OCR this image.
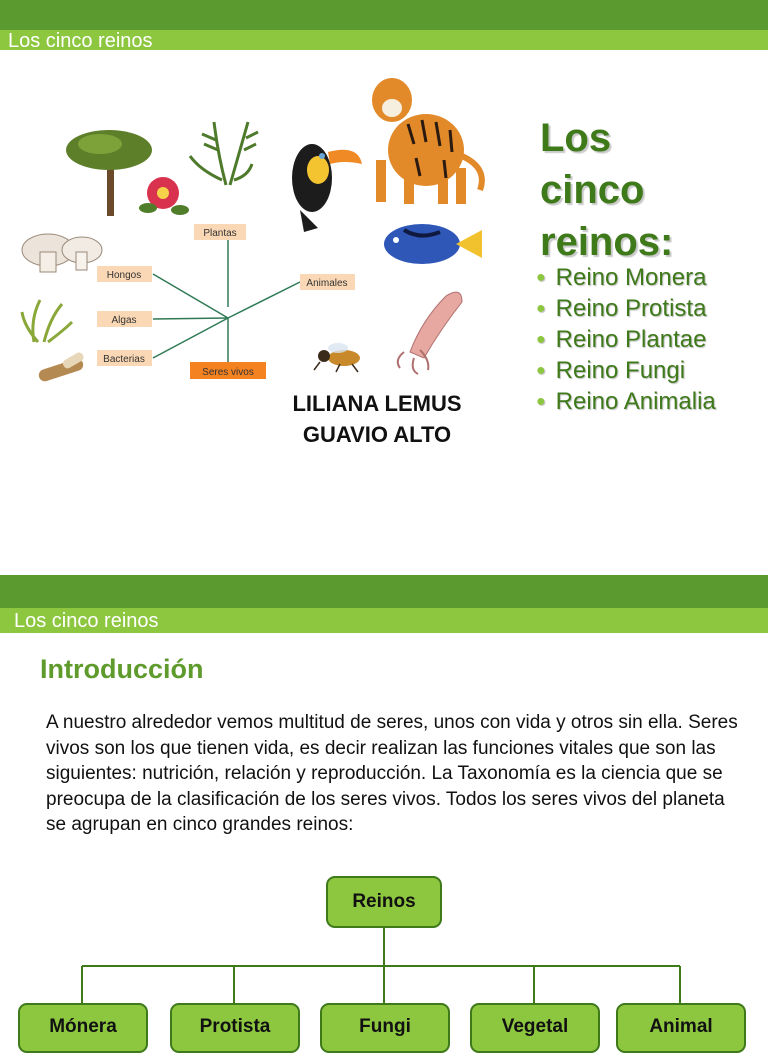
Los cinco reinos
Plantas
Hongos
Algas
Bacterias
Animales
Seres vivos
Los
cinco
reinos:
● Reino Monera
● Reino Protista
● Reino Plantae
● Reino Fungi
● Reino Animalia
LILIANA LEMUS
GUAVIO ALTO
Los cinco reinos
Introducción

A nuestro alrededor vemos multitud de seres, unos con vida y otros sin ella. Seres vivos son los que tienen vida, es decir realizan las funciones vitales que son las siguientes: nutrición, relación y reproducción. La Taxonomía es la ciencia que se preocupa de la clasificación de los seres vivos. Todos los seres vivos del planeta se agrupan en cinco grandes reinos:

Reinos
Mónera	Protista	Fungi	Vegetal	Animal
